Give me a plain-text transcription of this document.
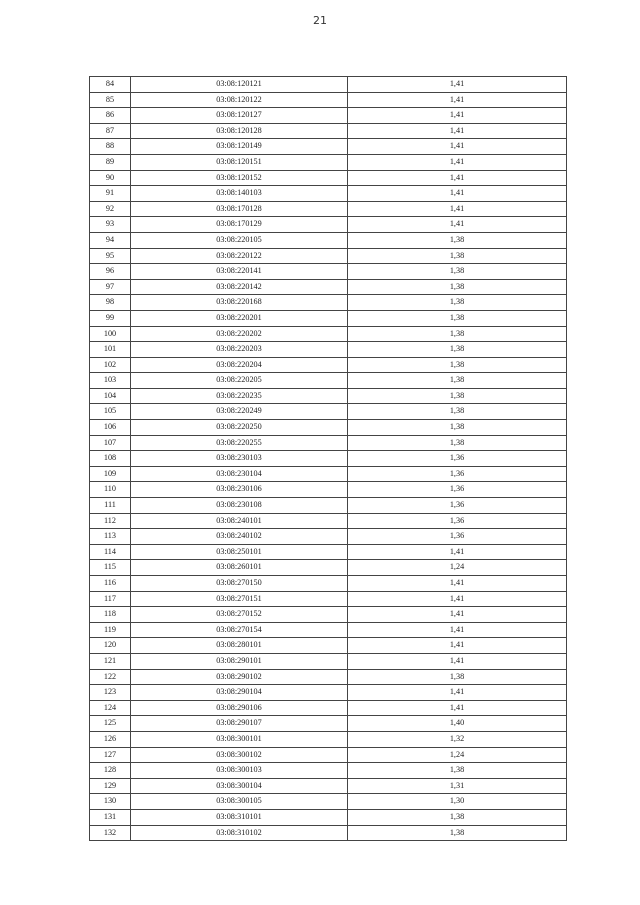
21
84	03:08:120121	1,41
85	03:08:120122	1,41
86	03:08:120127	1,41
87	03:08:120128	1,41
88	03:08:120149	1,41
89	03:08:120151	1,41
90	03:08:120152	1,41
91	03:08:140103	1,41
92	03:08:170128	1,41
93	03:08:170129	1,41
94	03:08:220105	1,38
95	03:08:220122	1,38
96	03:08:220141	1,38
97	03:08:220142	1,38
98	03:08:220168	1,38
99	03:08:220201	1,38
100	03:08:220202	1,38
101	03:08:220203	1,38
102	03:08:220204	1,38
103	03:08:220205	1,38
104	03:08:220235	1,38
105	03:08:220249	1,38
106	03:08:220250	1,38
107	03:08:220255	1,38
108	03:08:230103	1,36
109	03:08:230104	1,36
110	03:08:230106	1,36
111	03:08:230108	1,36
112	03:08:240101	1,36
113	03:08:240102	1,36
114	03:08:250101	1,41
115	03:08:260101	1,24
116	03:08:270150	1,41
117	03:08:270151	1,41
118	03:08:270152	1,41
119	03:08:270154	1,41
120	03:08:280101	1,41
121	03:08:290101	1,41
122	03:08:290102	1,38
123	03:08:290104	1,41
124	03:08:290106	1,41
125	03:08:290107	1,40
126	03:08:300101	1,32
127	03:08:300102	1,24
128	03:08:300103	1,38
129	03:08:300104	1,31
130	03:08:300105	1,30
131	03:08:310101	1,38
132	03:08:310102	1,38
